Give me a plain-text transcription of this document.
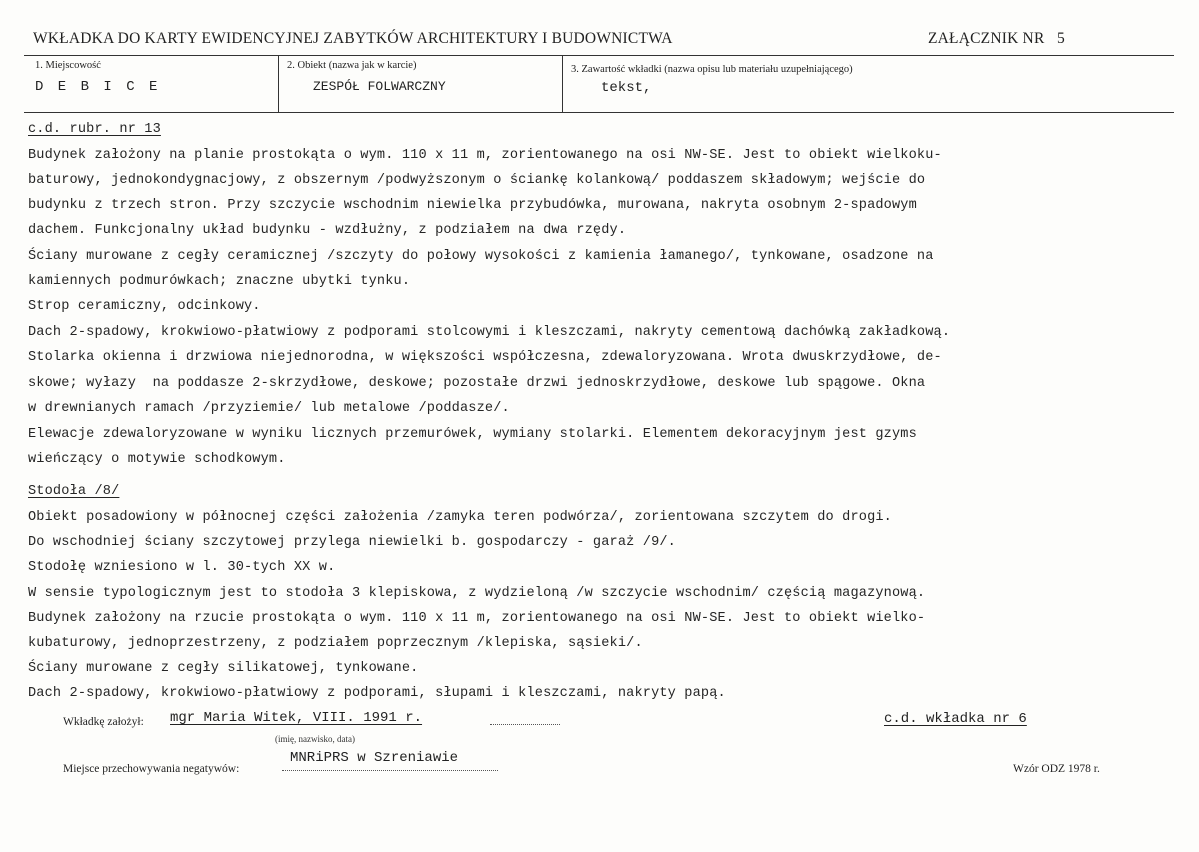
WKŁADKA DO KARTY EWIDENCYJNEJ ZABYTKÓW ARCHITEKTURY I BUDOWNICTWA	ZAŁĄCZNIK NR 5
1. Miejscowość
D E B I C E
2. Obiekt (nazwa jak w karcie)
ZESPÓŁ FOLWARCZNY
3. Zawartość wkładki (nazwa opisu lub materiału uzupełniającego)
tekst,
c.d. rubr. nr 13
Budynek założony na planie prostokąta o wym. 110 x 11 m, zorientowanego na osi NW-SE. Jest to obiekt wielkoku-
baturowy, jednokondygnacjowy, z obszernym /podwyższonym o ściankę kolankową/ poddaszem składowym; wejście do
budynku z trzech stron. Przy szczycie wschodnim niewielka przybudówka, murowana, nakryta osobnym 2-spadowym
dachem. Funkcjonalny układ budynku - wzdłużny, z podziałem na dwa rzędy.
Ściany murowane z cegły ceramicznej /szczyty do połowy wysokości z kamienia łamanego/, tynkowane, osadzone na
kamiennych podmurówkach; znaczne ubytki tynku.
Strop ceramiczny, odcinkowy.
Dach 2-spadowy, krokwiowo-płatwiowy z podporami stolcowymi i kleszczami, nakryty cementową dachówką zakładkową.
Stolarka okienna i drzwiowa niejednorodna, w większości współczesna, zdewaloryzowana. Wrota dwuskrzydłowe, de-
skowe; wyłazy  na poddasze 2-skrzydłowe, deskowe; pozostałe drzwi jednoskrzydłowe, deskowe lub spągowe. Okna
w drewnianych ramach /przyziemie/ lub metalowe /poddasze/.
Elewacje zdewaloryzowane w wyniku licznych przemurówek, wymiany stolarki. Elementem dekoracyjnym jest gzyms
wieńczący o motywie schodkowym.
Stodoła /8/
Obiekt posadowiony w północnej części założenia /zamyka teren podwórza/, zorientowana szczytem do drogi.
Do wschodniej ściany szczytowej przylega niewielki b. gospodarczy - garaż /9/.
Stodołę wzniesiono w l. 30-tych XX w.
W sensie typologicznym jest to stodoła 3 klepiskowa, z wydzieloną /w szczycie wschodnim/ częścią magazynową.
Budynek założony na rzucie prostokąta o wym. 110 x 11 m, zorientowanego na osi NW-SE. Jest to obiekt wielko-
kubaturowy, jednoprzestrzeny, z podziałem poprzecznym /klepiska, sąsieki/.
Ściany murowane z cegły silikatowej, tynkowane.
Dach 2-spadowy, krokwiowo-płatwiowy z podporami, słupami i kleszczami, nakryty papą.
Wkładkę założył: mgr Maria Witek, VIII. 1991 r.
(imię, nazwisko, data)
c.d. wkładka nr 6
Miejsce przechowywania negatywów:
MNRiPRS w Szreniawie
Wzór ODZ 1978 r.
